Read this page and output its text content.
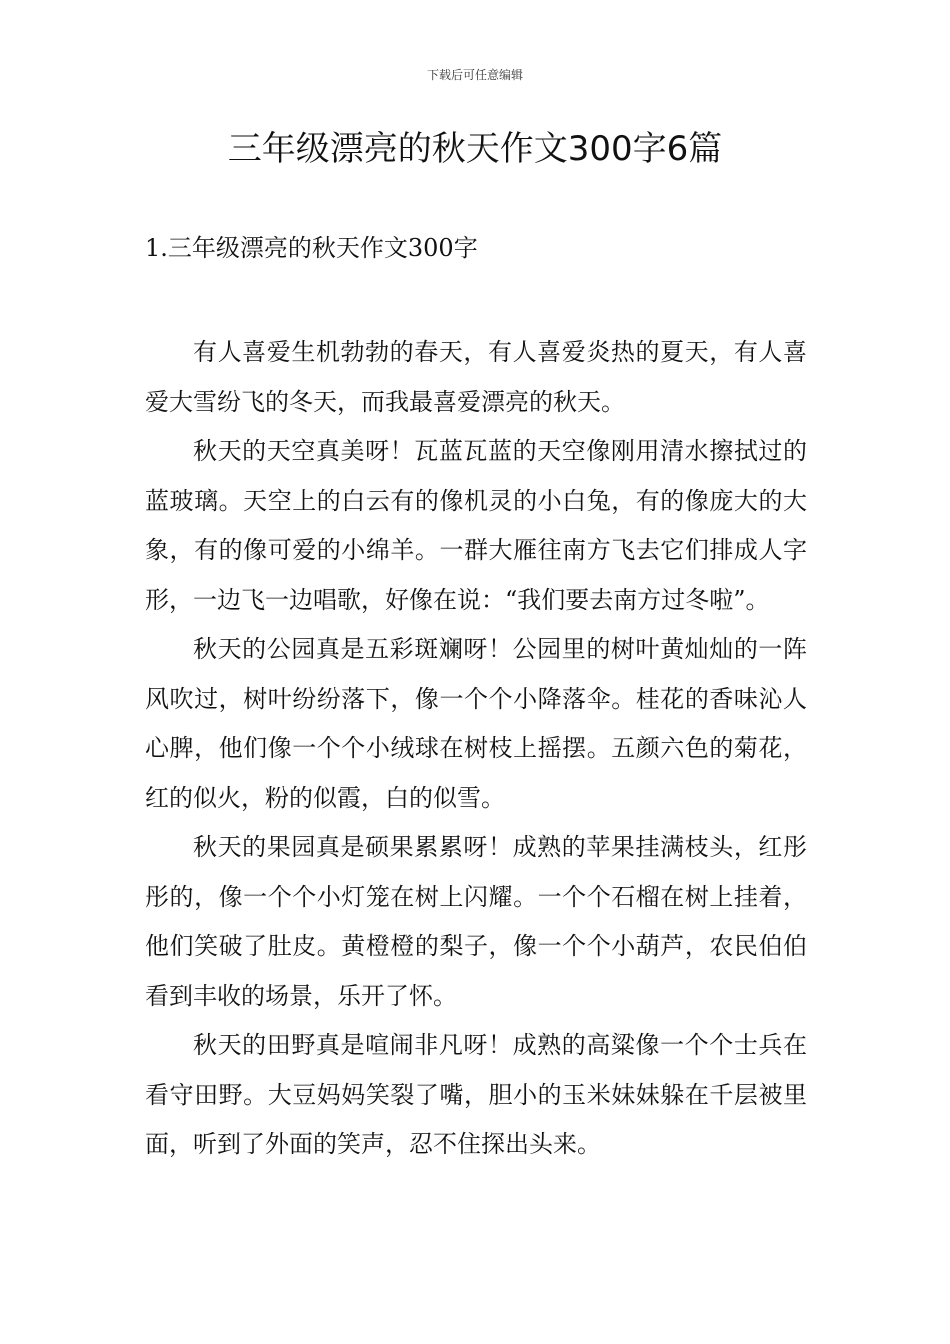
下载后可任意编辑
三年级漂亮的秋天作文300字6篇
1.三年级漂亮的秋天作文300字

有人喜爱生机勃勃的春天，有人喜爱炎热的夏天，有人喜爱大雪纷飞的冬天，而我最喜爱漂亮的秋天。

秋天的天空真美呀！瓦蓝瓦蓝的天空像刚用清水擦拭过的蓝玻璃。天空上的白云有的像机灵的小白兔，有的像庞大的大象，有的像可爱的小绵羊。一群大雁往南方飞去它们排成人字形，一边飞一边唱歌，好像在说：“我们要去南方过冬啦”。

秋天的公园真是五彩斑斓呀！公园里的树叶黄灿灿的一阵风吹过，树叶纷纷落下，像一个个小降落伞。桂花的香味沁人心脾，他们像一个个小绒球在树枝上摇摆。五颜六色的菊花，红的似火，粉的似霞，白的似雪。

秋天的果园真是硕果累累呀！成熟的苹果挂满枝头，红彤彤的，像一个个小灯笼在树上闪耀。一个个石榴在树上挂着，他们笑破了肚皮。黄橙橙的梨子，像一个个小葫芦，农民伯伯看到丰收的场景，乐开了怀。

秋天的田野真是喧闹非凡呀！成熟的高粱像一个个士兵在看守田野。大豆妈妈笑裂了嘴，胆小的玉米妹妹躲在千层被里面，听到了外面的笑声，忍不住探出头来。
